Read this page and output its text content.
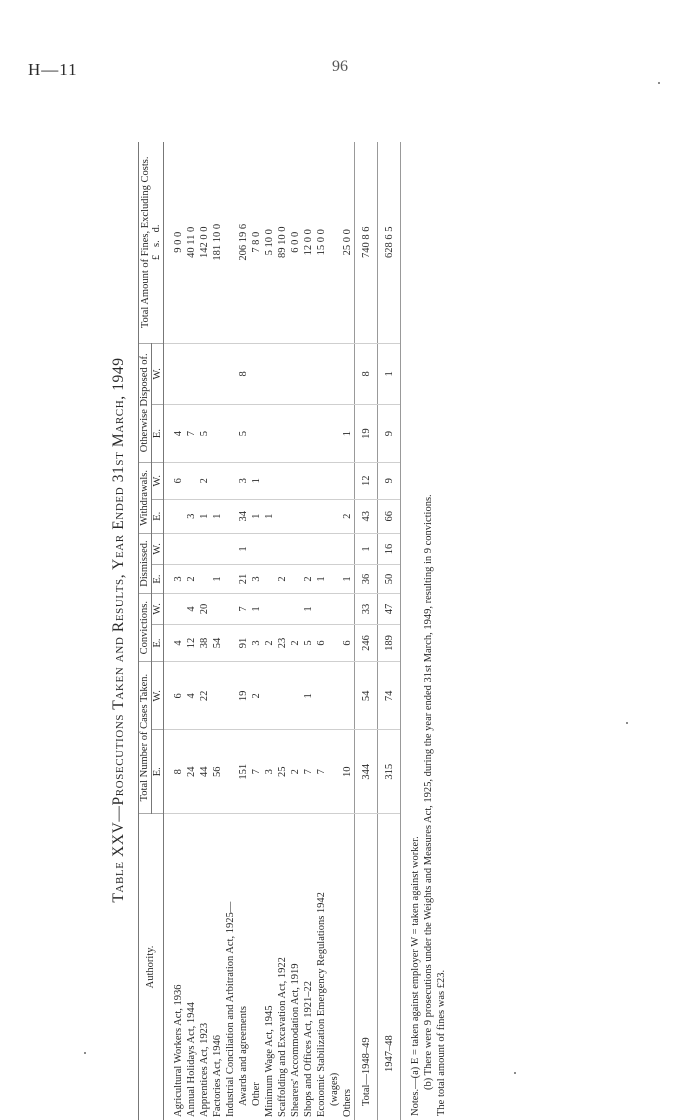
H—11	96
Table XXV—Prosecutions Taken and Results, Year Ended 31st March, 1949
Authority.	Total Number of Cases Taken.		Convictions.		Dismissed.		Withdrawals.		Otherwise Disposed of.		Total Amount of Fines, Excluding Costs. £   s.   d.

	E.	W.	E.	W.	E.	W.	E.	W.	E.	W.	

Agricultural Workers Act, 1936	8	6	4		3			6	4		9 0 0
Annual Holidays Act, 1944	24	4	12	4	2		3		7		40 11 0
Apprentices Act, 1923	44	22	38	20			1	2	5		142 0 0
Factories Act, 1946	56		54		1		1				181 10 0
Industrial Conciliation and Arbitration Act, 1925—											
Awards and agreements	151	19	91	7	21	1	34	3	5	8	206 19 6
Other	7	2	3	1	3		1	1			7 8 0
Minimum Wage Act, 1945	3		2				1				5 10 0
Scaffolding and Excavation Act, 1922	25		23		2						89 10 0
Shearers' Accommodation Act, 1919	2		2								6 0 0
Shops and Offices Act, 1921–22	7	1	5	1	2						12 0 0
Economic Stabilization Emergency Regulations 1942	7		6		1						15 0 0
(wages)											
Others	10		6		1		2		1		25 0 0
Total—1948–49	344	54	246	33	36	1	43	12	19	8	740 8 6
1947–48	315	74	189	47	50	16	66	9	9	1	628 6 5
Notes.—(a) E = taken against employer W = taken against worker. (b) There were 9 prosecutions under the Weights and Measures Act, 1925, during the year ended 31st March, 1949, resulting in 9 convictions. The total amount of fines was £23.
